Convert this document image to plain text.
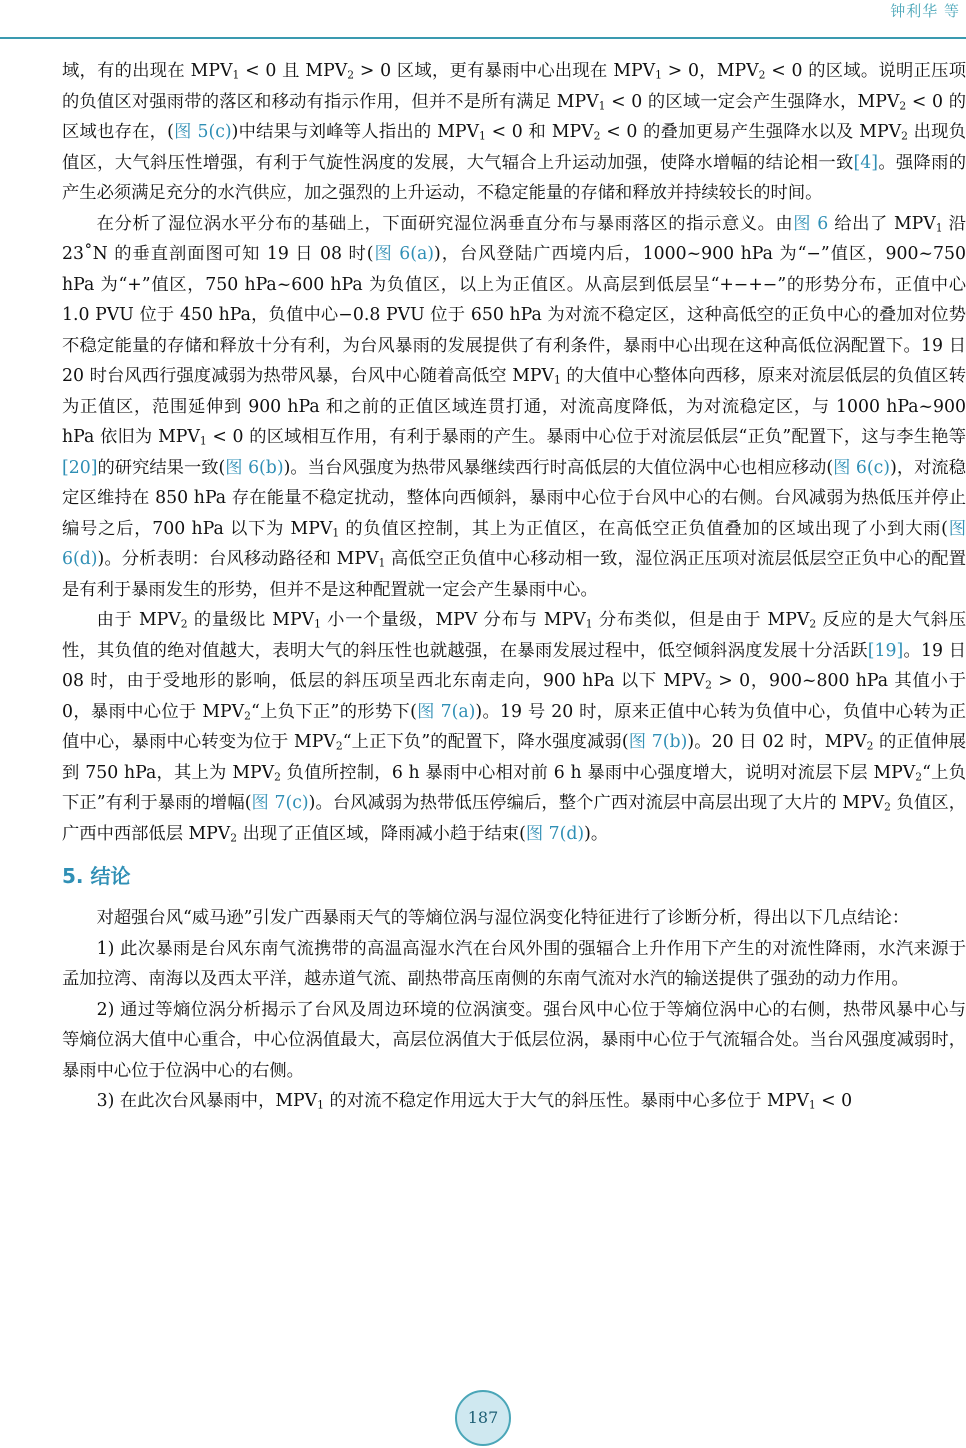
钟利华 等

域，有的出现在 $MPV_1 < 0$ 且 $MPV_2 > 0$ 区域，更有暴雨中心出现在 $MPV_1 > 0$，$MPV_2 < 0$ 的区域。说明正压项的负值区对强雨带的落区和移动有指示作用，但并不是所有满足 $MPV_1 < 0$ 的区域一定会产生强降水，$MPV_2 < 0$ 的区域也存在，(图 5(c))中结果与刘峰等人指出的 $MPV_1 < 0$ 和 $MPV_2 < 0$ 的叠加更易产生强降水以及 $MPV_2$ 出现负值区，大气斜压性增强，有利于气旋性涡度的发展，大气辐合上升运动加强，使降水增幅的结论相一致[4]。强降雨的产生必须满足充分的水汽供应，加之强烈的上升运动，不稳定能量的存储和释放并持续较长的时间。

在分析了湿位涡水平分布的基础上，下面研究湿位涡垂直分布与暴雨落区的指示意义。由图 6 给出了 $MPV_1$ 沿 23˚N 的垂直剖面图可知 19 日 08 时(图 6(a))，台风登陆广西境内后，1000~900 hPa 为“−”值区，900~750 hPa 为“+”值区，750 hPa~600 hPa 为负值区，以上为正值区。从高层到低层呈“+−+−”的形势分布，正值中心 1.0 PVU 位于 450 hPa，负值中心−0.8 PVU 位于 650 hPa 为对流不稳定区，这种高低空的正负中心的叠加对位势不稳定能量的存储和释放十分有利，为台风暴雨的发展提供了有利条件，暴雨中心出现在这种高低位涡配置下。19 日 20 时台风西行强度减弱为热带风暴，台风中心随着高低空 $MPV_1$ 的大值中心整体向西移，原来对流层低层的负值区转为正值区，范围延伸到 900 hPa 和之前的正值区域连贯打通，对流高度降低，为对流稳定区，与 1000 hPa~900 hPa 依旧为 $MPV_1 < 0$ 的区域相互作用，有利于暴雨的产生。暴雨中心位于对流层低层“正负”配置下，这与李生艳等[20]的研究结果一致(图 6(b))。当台风强度为热带风暴继续西行时高低层的大值位涡中心也相应移动(图 6(c))，对流稳定区维持在 850 hPa 存在能量不稳定扰动，整体向西倾斜，暴雨中心位于台风中心的右侧。台风减弱为热低压并停止编号之后，700 hPa 以下为 $MPV_1$ 的负值区控制，其上为正值区，在高低空正负值叠加的区域出现了小到大雨(图 6(d))。分析表明：台风移动路径和 $MPV_1$ 高低空正负值中心移动相一致，湿位涡正压项对流层低层空正负中心的配置是有利于暴雨发生的形势，但并不是这种配置就一定会产生暴雨中心。

由于 $MPV_2$ 的量级比 $MPV_1$ 小一个量级，MPV 分布与 $MPV_1$ 分布类似，但是由于 $MPV_2$ 反应的是大气斜压性，其负值的绝对值越大，表明大气的斜压性也就越强，在暴雨发展过程中，低空倾斜涡度发展十分活跃[19]。19 日 08 时，由于受地形的影响，低层的斜压项呈西北东南走向，900 hPa 以下 $MPV_2 > 0$，900~800 hPa 其值小于 0，暴雨中心位于 $MPV_2“$上负下正”的形势下(图 7(a))。19 号 20 时，原来正值中心转为负值中心，负值中心转为正值中心，暴雨中心转变为位于 $MPV_2“$上正下负”的配置下，降水强度减弱(图 7(b))。20 日 02 时，$MPV_2$ 的正值伸展到 750 hPa，其上为 $MPV_2$ 负值所控制，6 h 暴雨中心相对前 6 h 暴雨中心强度增大，说明对流层下层 $MPV_2“$上负下正”有利于暴雨的增幅(图 7(c))。台风减弱为热带低压停编后，整个广西对流层中高层出现了大片的 $MPV_2$ 负值区，广西中西部低层 $MPV_2$ 出现了正值区域，降雨减小趋于结束(图 7(d))。

5. 结论

对超强台风“威马逊”引发广西暴雨天气的等熵位涡与湿位涡变化特征进行了诊断分析，得出以下几点结论：

1) 此次暴雨是台风东南气流携带的高温高湿水汽在台风外围的强辐合上升作用下产生的对流性降雨，水汽来源于孟加拉湾、南海以及西太平洋，越赤道气流、副热带高压南侧的东南气流对水汽的输送提供了强劲的动力作用。

2) 通过等熵位涡分析揭示了台风及周边环境的位涡演变。强台风中心位于等熵位涡中心的右侧，热带风暴中心与等熵位涡大值中心重合，中心位涡值最大，高层位涡值大于低层位涡，暴雨中心位于气流辐合处。当台风强度减弱时，暴雨中心位于位涡中心的右侧。

3) 在此次台风暴雨中，$MPV_1$ 的对流不稳定作用远大于大气的斜压性。暴雨中心多位于 $MPV_1 < 0$

187
